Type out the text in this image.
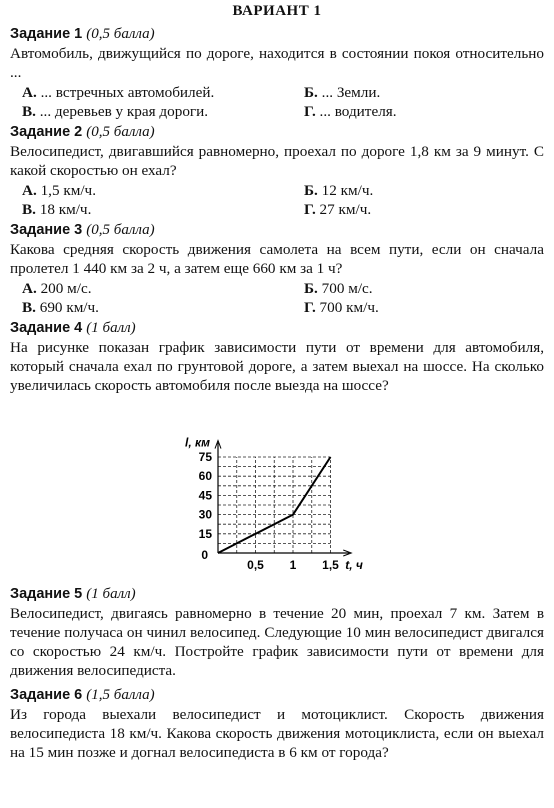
ВАРИАНТ 1
Задание 1 (0,5 балла)
Автомобиль, движущийся по дороге, находится в состоянии покоя относительно ...
А. ... встречных автомобилей.	Б. ... Земли.
В. ... деревьев у края дороги.	Г. ... водителя.
Задание 2 (0,5 балла)
Велосипедист, двигавшийся равномерно, проехал по дороге 1,8 км за 9 минут. С какой скоростью он ехал?
А. 1,5 км/ч.	Б. 12 км/ч.
В. 18 км/ч.	Г. 27 км/ч.
Задание 3 (0,5 балла)
Какова средняя скорость движения самолета на всем пути, если он сначала пролетел 1 440 км за 2 ч, а затем еще 660 км за 1 ч?
А. 200 м/с.	Б. 700 м/с.
В. 690 км/ч.	Г. 700 км/ч.
Задание 4 (1 балл)
На рисунке показан график зависимости пути от времени для автомобиля, который сначала ехал по грунтовой дороге, а затем выехал на шоссе. На сколько увеличилась скорость автомобиля после выезда на шоссе?
15
30
45
60
75
0,5 1 1,5
0
l, км
t, ч
Задание 5 (1 балл)
Велосипедист, двигаясь равномерно в течение 20 мин, проехал 7 км. Затем в течение получаса он чинил велосипед. Следующие 10 мин велосипедист двигался со скоростью 24 км/ч. Постройте график зависимости пути от времени для движения велосипедиста.
Задание 6 (1,5 балла)
Из города выехали велосипедист и мотоциклист. Скорость движения велосипедиста 18 км/ч. Какова скорость движения мотоциклиста, если он выехал на 15 мин позже и догнал велосипедиста в 6 км от города?
